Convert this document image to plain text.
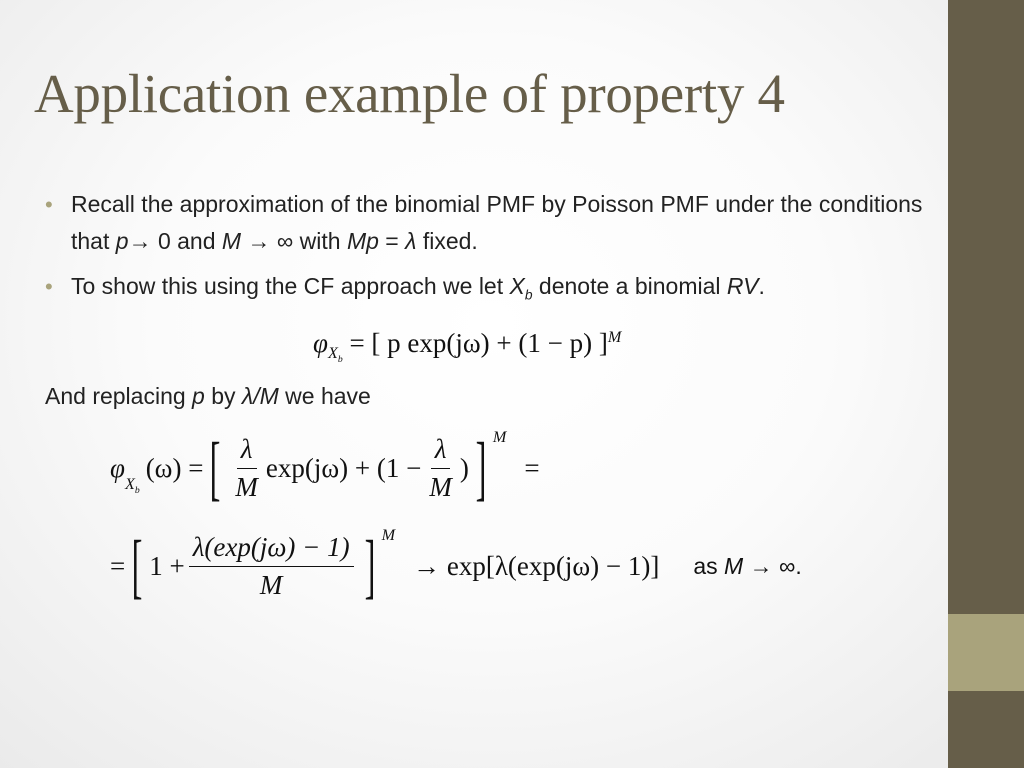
Application example of property 4
• Recall the approximation of the binomial PMF by Poisson PMF under the conditions that p→ 0 and M → ∞ with Mp = λ fixed.
• To show this using the CF approach we let $X_b$ denote a binomial RV.
$\varphi_{X_b}$ = [ p exp(jω) + (1 − p) ]$^M$
And replacing p by λ/M we have
φ
$_{X_b}$
(ω) = [ $\frac{\lambda}{M} \exp(j\omega) + (1 - \frac{\lambda}{M}$ ) ] $^M$
=
= [ $1 + \frac{\lambda(\exp(j\omega) - 1)}{M}$ ] $^M$
→ exp[λ(exp(jω) − 1)] as M → ∞.
